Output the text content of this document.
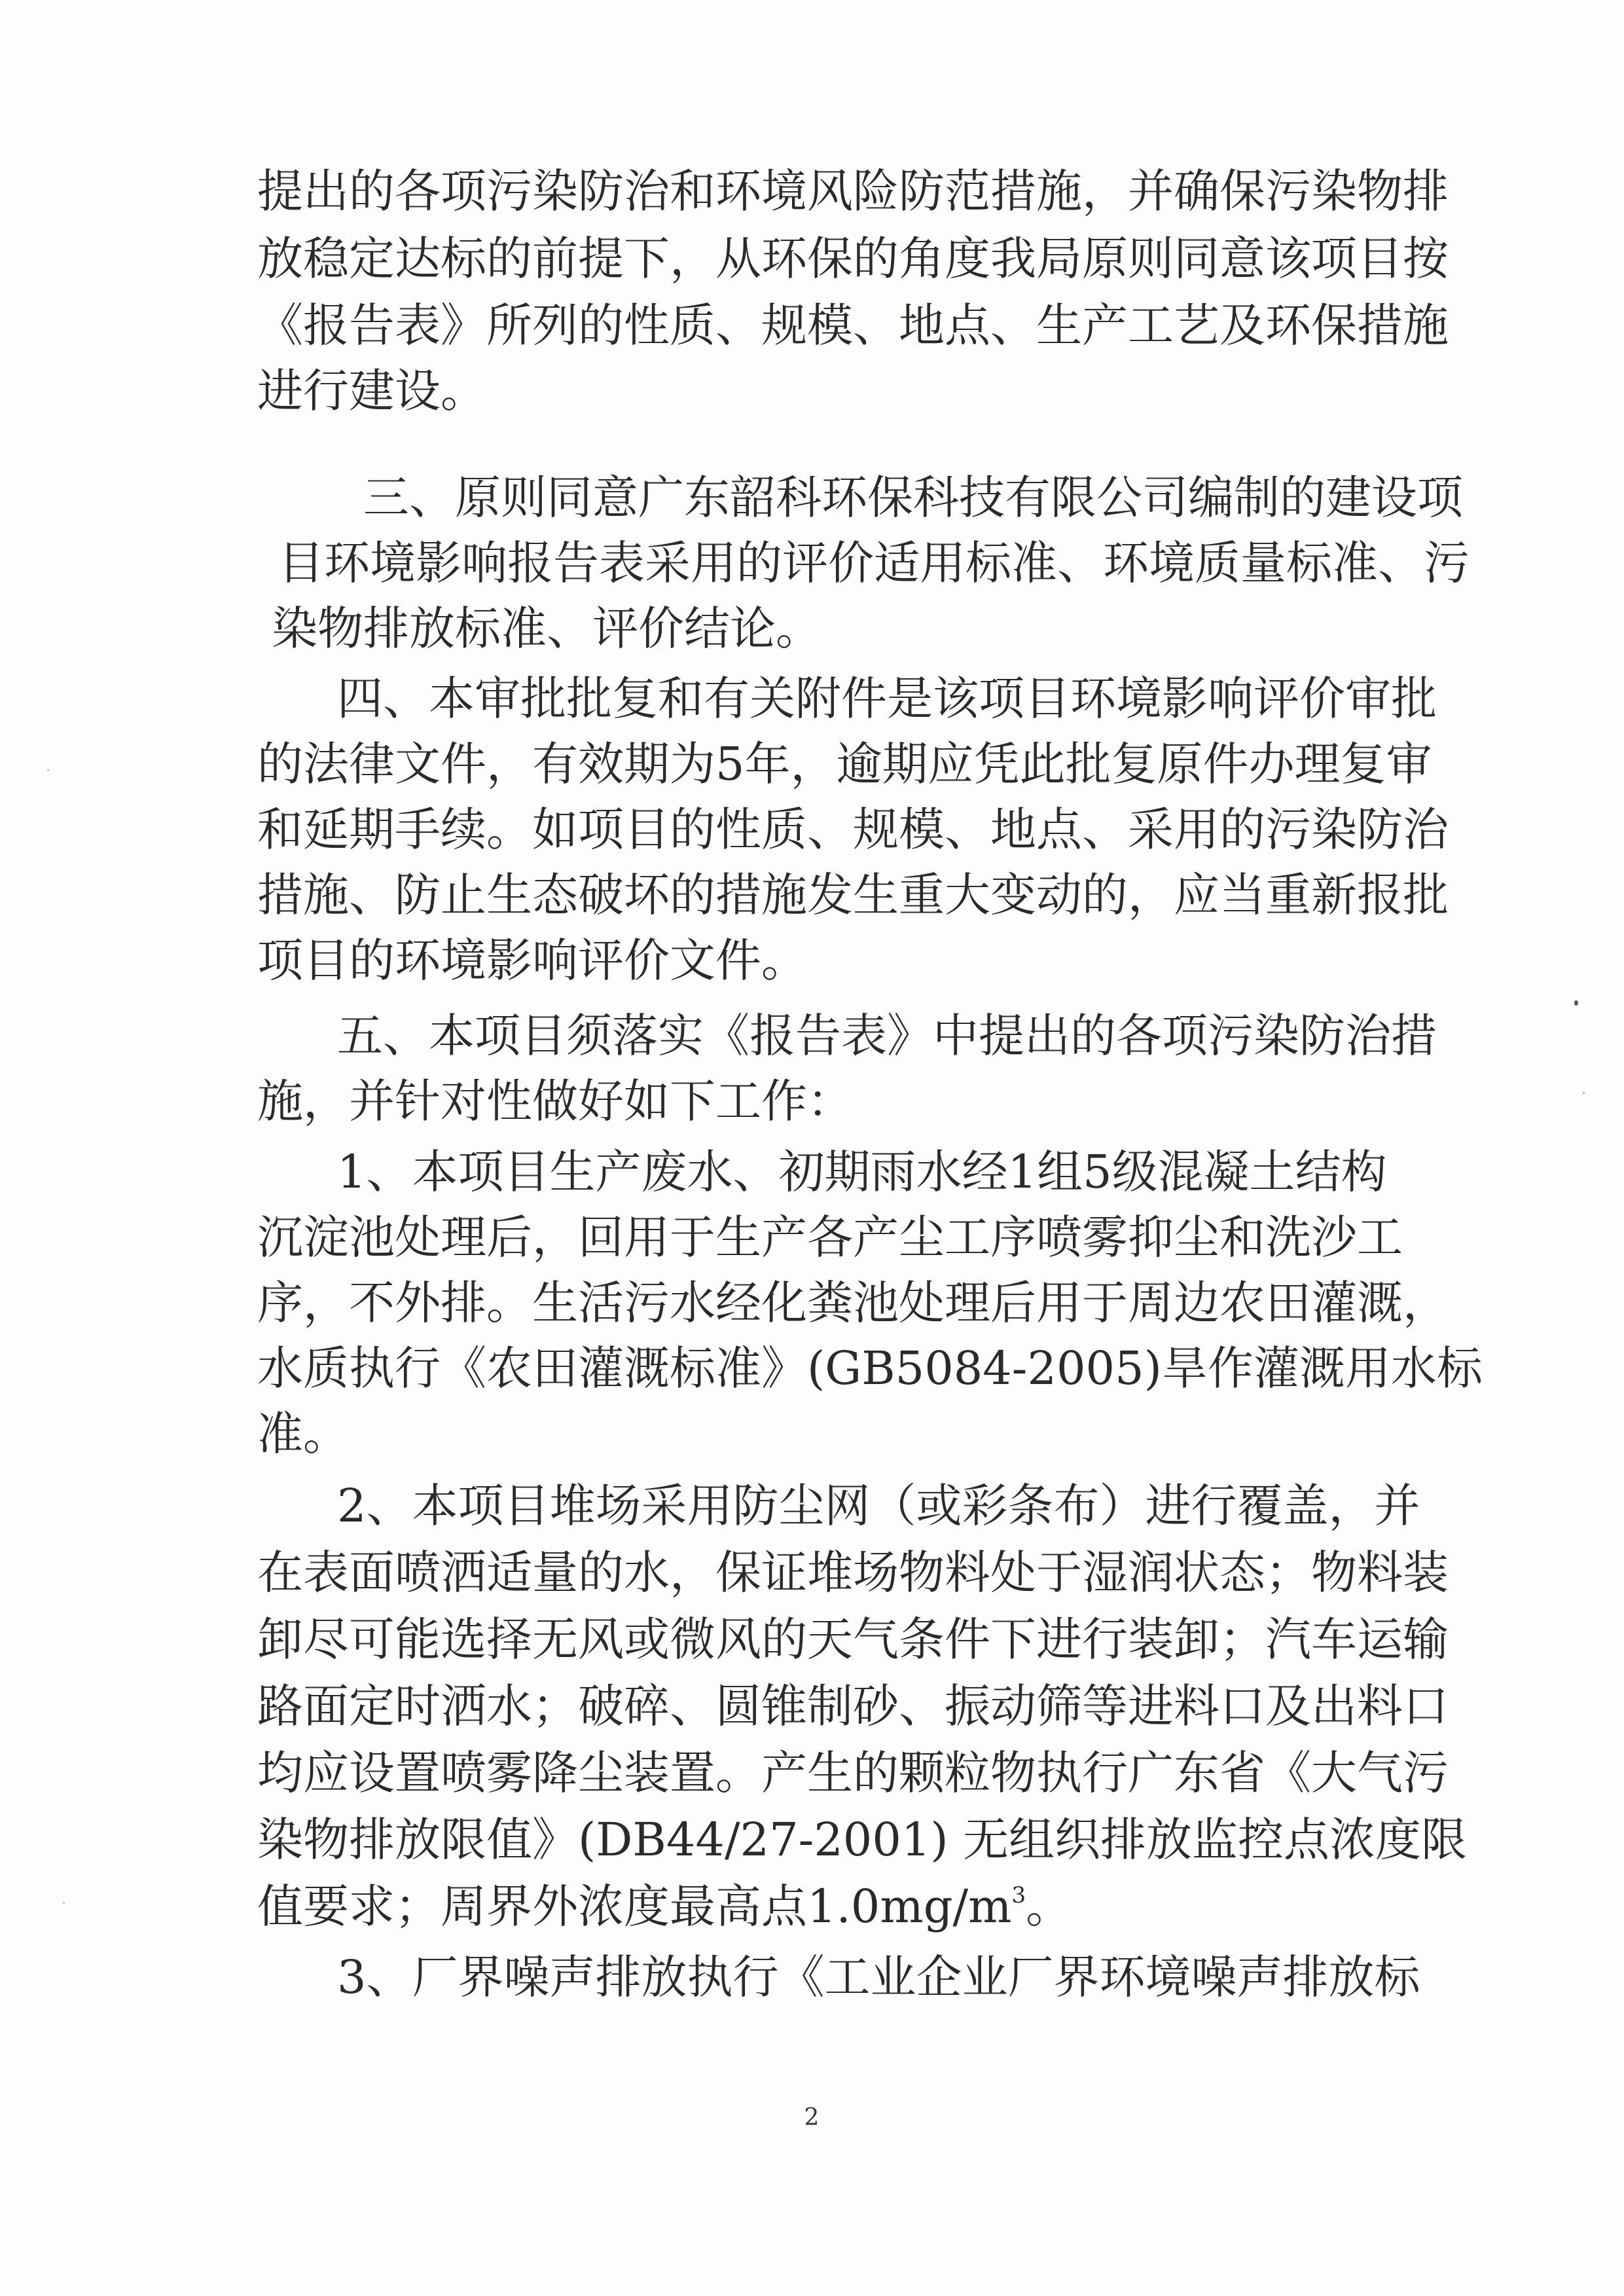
提出的各项污染防治和环境风险防范措施，并确保污染物排
放稳定达标的前提下，从环保的角度我局原则同意该项目按
《报告表》所列的性质、规模、地点、生产工艺及环保措施
进行建设。
三、原则同意广东韶科环保科技有限公司编制的建设项
目环境影响报告表采用的评价适用标准、环境质量标准、污
染物排放标准、评价结论。
四、本审批批复和有关附件是该项目环境影响评价审批
的法律文件，有效期为5年，逾期应凭此批复原件办理复审
和延期手续。如项目的性质、规模、地点、采用的污染防治
措施、防止生态破坏的措施发生重大变动的，应当重新报批
项目的环境影响评价文件。
五、本项目须落实《报告表》中提出的各项污染防治措
施，并针对性做好如下工作：
1、本项目生产废水、初期雨水经1组5级混凝土结构
沉淀池处理后，回用于生产各产尘工序喷雾抑尘和洗沙工
序，不外排。生活污水经化粪池处理后用于周边农田灌溉，
水质执行《农田灌溉标准》(GB5084-2005)旱作灌溉用水标
准。
2、本项目堆场采用防尘网（或彩条布）进行覆盖，并
在表面喷洒适量的水，保证堆场物料处于湿润状态；物料装
卸尽可能选择无风或微风的天气条件下进行装卸；汽车运输
路面定时洒水；破碎、圆锥制砂、振动筛等进料口及出料口
均应设置喷雾降尘装置。产生的颗粒物执行广东省《大气污
染物排放限值》(DB44/27-2001) 无组织排放监控点浓度限
值要求；周界外浓度最高点$1.0mg/m^3$。
3、厂界噪声排放执行《工业企业厂界环境噪声排放标
2
